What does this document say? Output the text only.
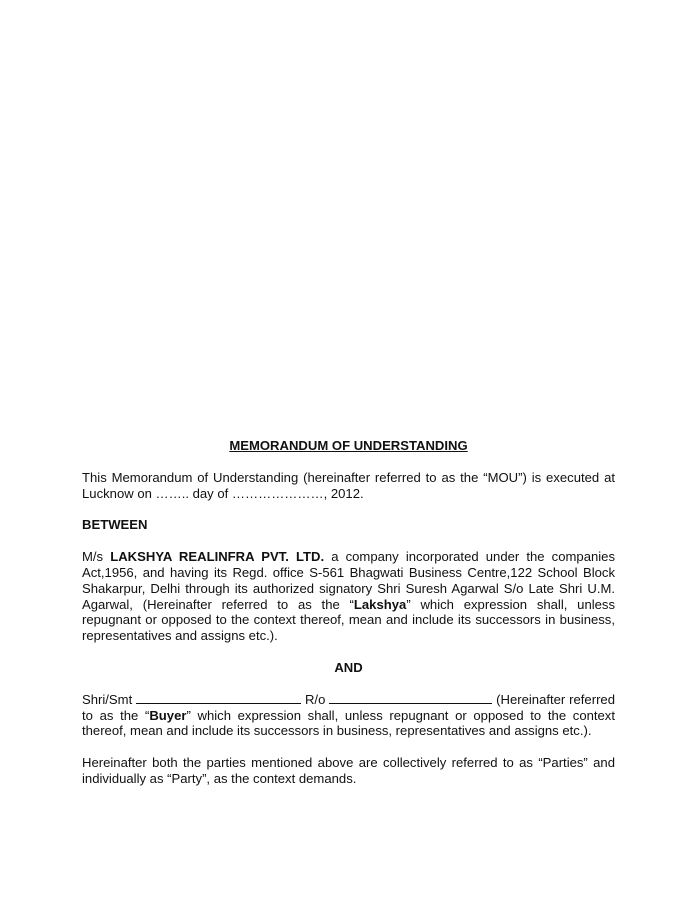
MEMORANDUM OF UNDERSTANDING

This Memorandum of Understanding (hereinafter referred to as the “MOU”) is executed at Lucknow on …….. day of …………………, 2012.

BETWEEN

M/s LAKSHYA REALINFRA PVT. LTD. a company incorporated under the companies Act,1956, and having its Regd. office S-561 Bhagwati Business Centre,122 School Block Shakarpur, Delhi through its authorized signatory Shri Suresh Agarwal S/o Late Shri U.M. Agarwal, (Hereinafter referred to as the “Lakshya” which expression shall, unless repugnant or opposed to the context thereof, mean and include its successors in business, representatives and assigns etc.).

AND

Shri/Smt	R/o	(Hereinafter referred to as the “Buyer” which expression shall, unless repugnant or opposed to the context thereof, mean and include its successors in business, representatives and assigns etc.).

Hereinafter both the parties mentioned above are collectively referred to as “Parties” and individually as “Party”, as the context demands.
